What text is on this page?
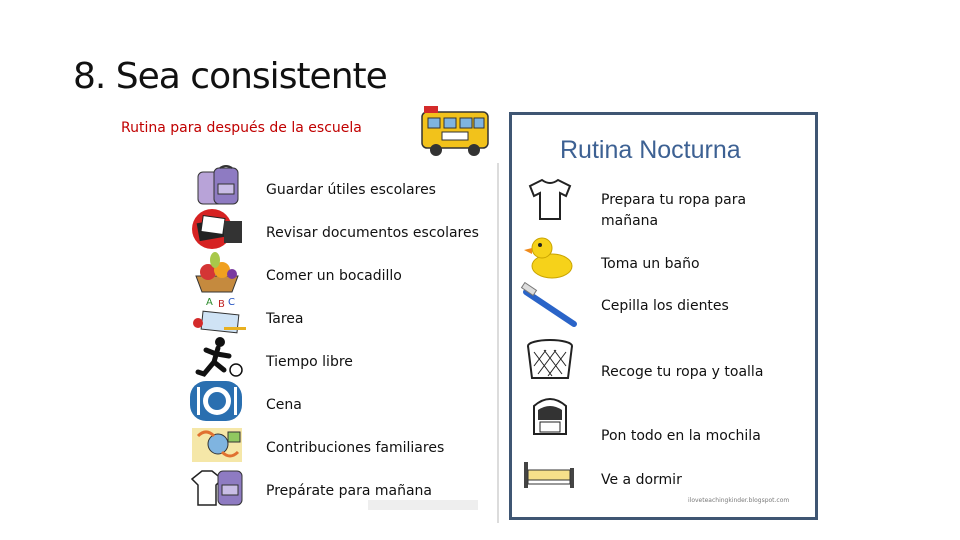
8. Sea consistente
Rutina para después de la escuela
Guardar útiles escolares
Revisar documentos escolares
Comer un bocadillo
A B C
Tarea
Tiempo libre
Cena
Contribuciones familiares
Prepárate para mañana
Rutina Nocturna
Prepara tu ropa para mañana
Toma un baño
Cepilla los dientes
Recoge tu ropa y toalla
Pon todo en la mochila
Ve a dormir
iloveteachingkinder.blogspot.com
